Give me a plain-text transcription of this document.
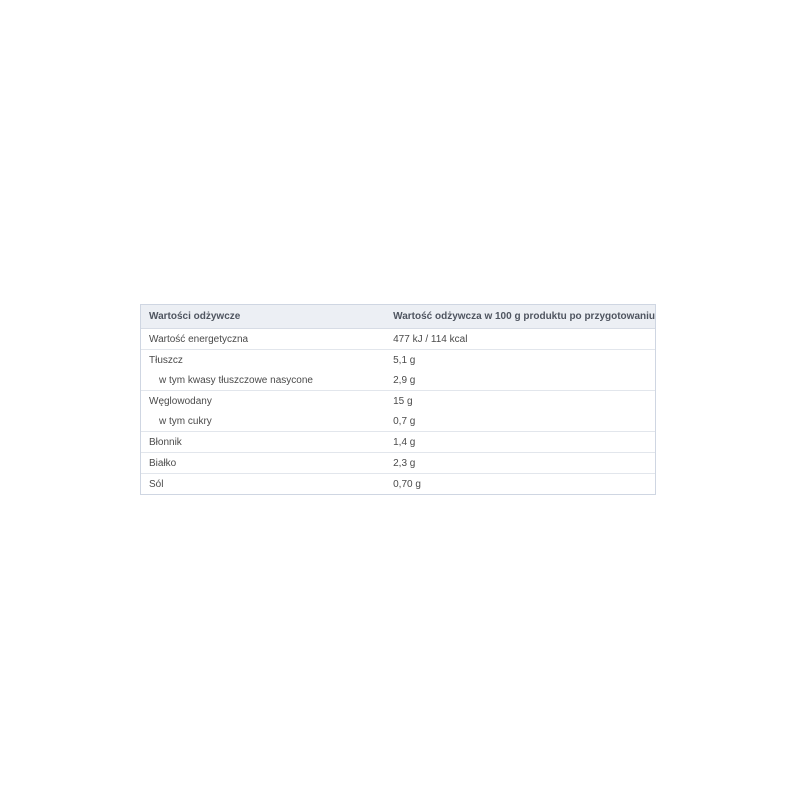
Wartości odżywcze	Wartość odżywcza w 100 g produktu po przygotowaniu
Wartość energetyczna	477 kJ / 114 kcal
Tłuszcz	5,1 g
w tym kwasy tłuszczowe nasycone	2,9 g
Węglowodany	15 g
w tym cukry	0,7 g
Błonnik	1,4 g
Białko	2,3 g
Sól	0,70 g
